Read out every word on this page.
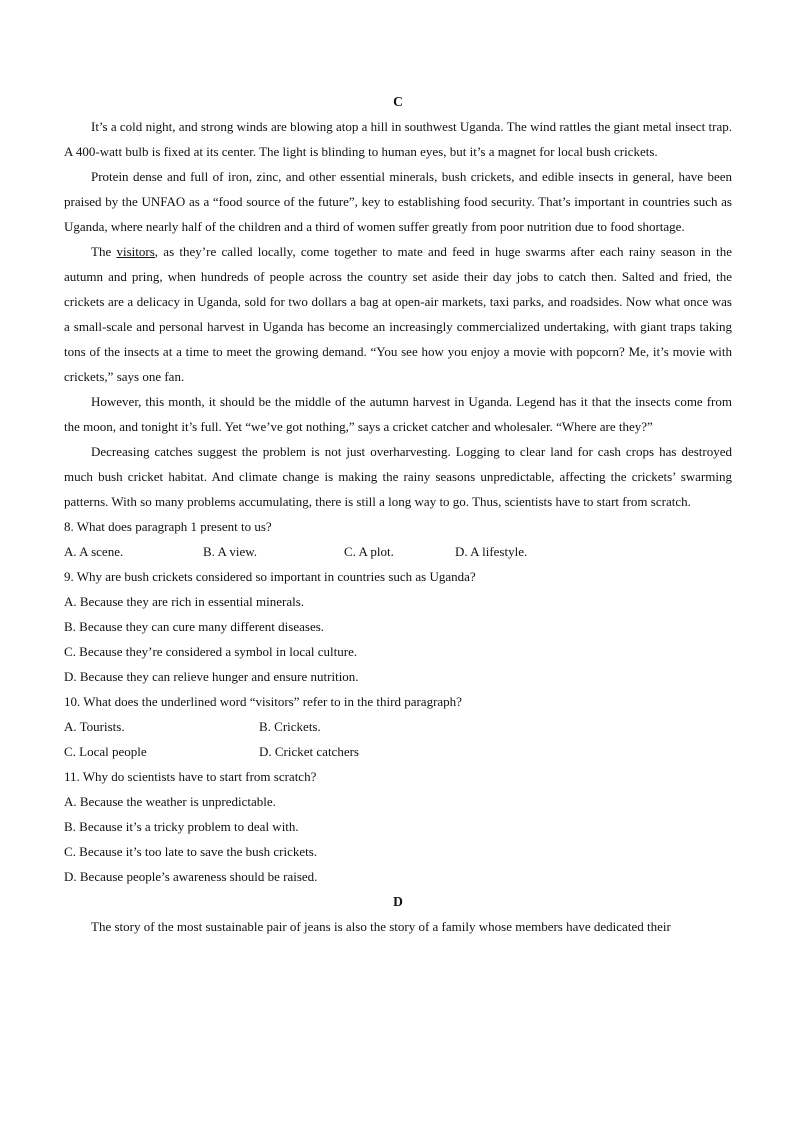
C

It’s a cold night, and strong winds are blowing atop a hill in southwest Uganda. The wind rattles the giant metal insect trap. A 400-watt bulb is fixed at its center. The light is blinding to human eyes, but it’s a magnet for local bush crickets.

Protein dense and full of iron, zinc, and other essential minerals, bush crickets, and edible insects in general, have been praised by the UNFAO as a “food source of the future”, key to establishing food security. That’s important in countries such as Uganda, where nearly half of the children and a third of women suffer greatly from poor nutrition due to food shortage.

The visitors, as they’re called locally, come together to mate and feed in huge swarms after each rainy season in the autumn and pring, when hundreds of people across the country set aside their day jobs to catch then. Salted and fried, the crickets are a delicacy in Uganda, sold for two dollars a bag at open-air markets, taxi parks, and roadsides. Now what once was a small-scale and personal harvest in Uganda has become an increasingly commercialized undertaking, with giant traps taking tons of the insects at a time to meet the growing demand. “You see how you enjoy a movie with popcorn? Me, it’s movie with crickets,” says one fan.

However, this month, it should be the middle of the autumn harvest in Uganda. Legend has it that the insects come from the moon, and tonight it’s full. Yet “we’ve got nothing,” says a cricket catcher and wholesaler. “Where are they?”

Decreasing catches suggest the problem is not just overharvesting. Logging to clear land for cash crops has destroyed much bush cricket habitat. And climate change is making the rainy seasons unpredictable, affecting the crickets’ swarming patterns. With so many problems accumulating, there is still a long way to go. Thus, scientists have to start from scratch.

8. What does paragraph 1 present to us?

A. A scene.	B. A view.	C. A plot.	D. A lifestyle.

9. Why are bush crickets considered so important in countries such as Uganda?

A. Because they are rich in essential minerals.

B. Because they can cure many different diseases.

C. Because they’re considered a symbol in local culture.

D. Because they can relieve hunger and ensure nutrition.

10. What does the underlined word “visitors” refer to in the third paragraph?

A. Tourists.	B. Crickets.
C. Local people	D. Cricket catchers

11. Why do scientists have to start from scratch?

A. Because the weather is unpredictable.

B. Because it’s a tricky problem to deal with.

C. Because it’s too late to save the bush crickets.

D. Because people’s awareness should be raised.

D

The story of the most sustainable pair of jeans is also the story of a family whose members have dedicated their
